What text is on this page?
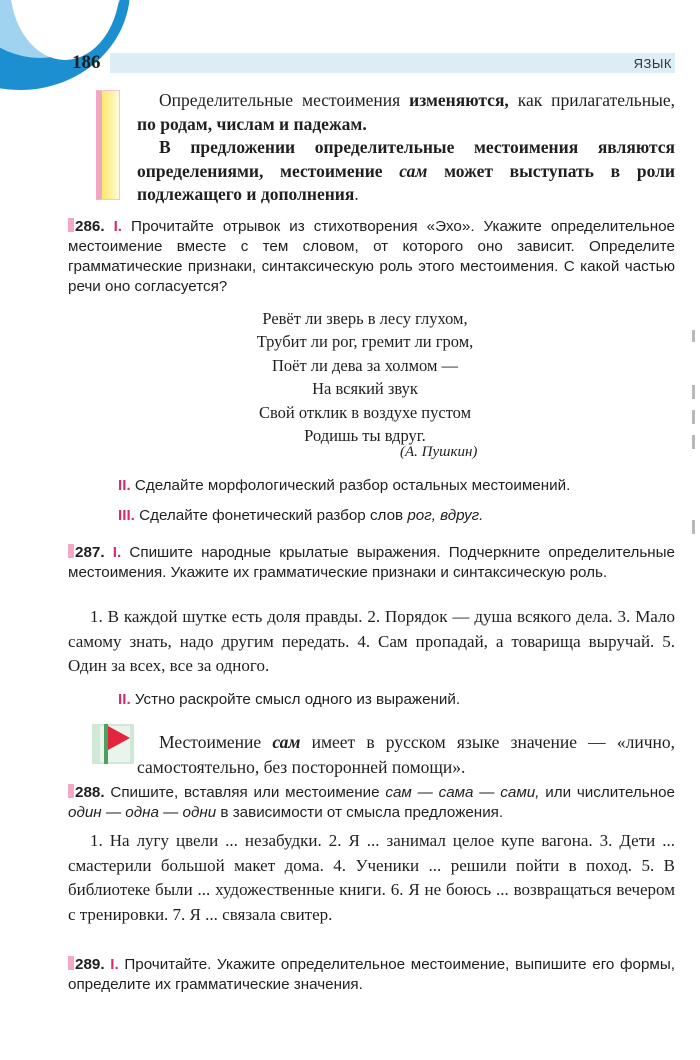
186	ЯЗЫК

Определительные местоимения изменяются, как прилагательные, по родам, числам и падежам.

В предложении определительные местоимения являются определениями, местоимение сам может выступать в роли подлежащего и дополнения.

286. I. Прочитайте отрывок из стихотворения «Эхо». Укажите определительное местоимение вместе с тем словом, от которого оно зависит. Определите грамматические признаки, синтаксическую роль этого местоимения. С какой частью речи оно согласуется?

Ревёт ли зверь в лесу глухом,
Трубит ли рог, гремит ли гром,
Поёт ли дева за холмом —
На всякий звук
Свой отклик в воздухе пустом
Родишь ты вдруг.
(А. Пушкин)
II. Сделайте морфологический разбор остальных местоимений.
III. Сделайте фонетический разбор слов рог, вдруг.

287. I. Спишите народные крылатые выражения. Подчеркните определительные местоимения. Укажите их грамматические признаки и синтаксическую роль.

1. В каждой шутке есть доля правды. 2. Порядок — душа всякого дела. 3. Мало самому знать, надо другим передать. 4. Сам пропадай, а товарища выручай. 5. Один за всех, все за одного.

II. Устно раскройте смысл одного из выражений.

Местоимение сам имеет в русском языке значение — «лично, самостоятельно, без посторонней помощи».

288. Спишите, вставляя или местоимение сам — сама — сами, или числительное один — одна — одни в зависимости от смысла предложения.

1. На лугу цвели ... незабудки. 2. Я ... занимал целое купе вагона. 3. Дети ... смастерили большой макет дома. 4. Ученики ... решили пойти в поход. 5. В библиотеке были ... художественные книги. 6. Я не боюсь ... возвращаться вечером с тренировки. 7. Я ... связала свитер.

289. I. Прочитайте. Укажите определительное местоимение, выпишите его формы, определите их грамматические значения.
